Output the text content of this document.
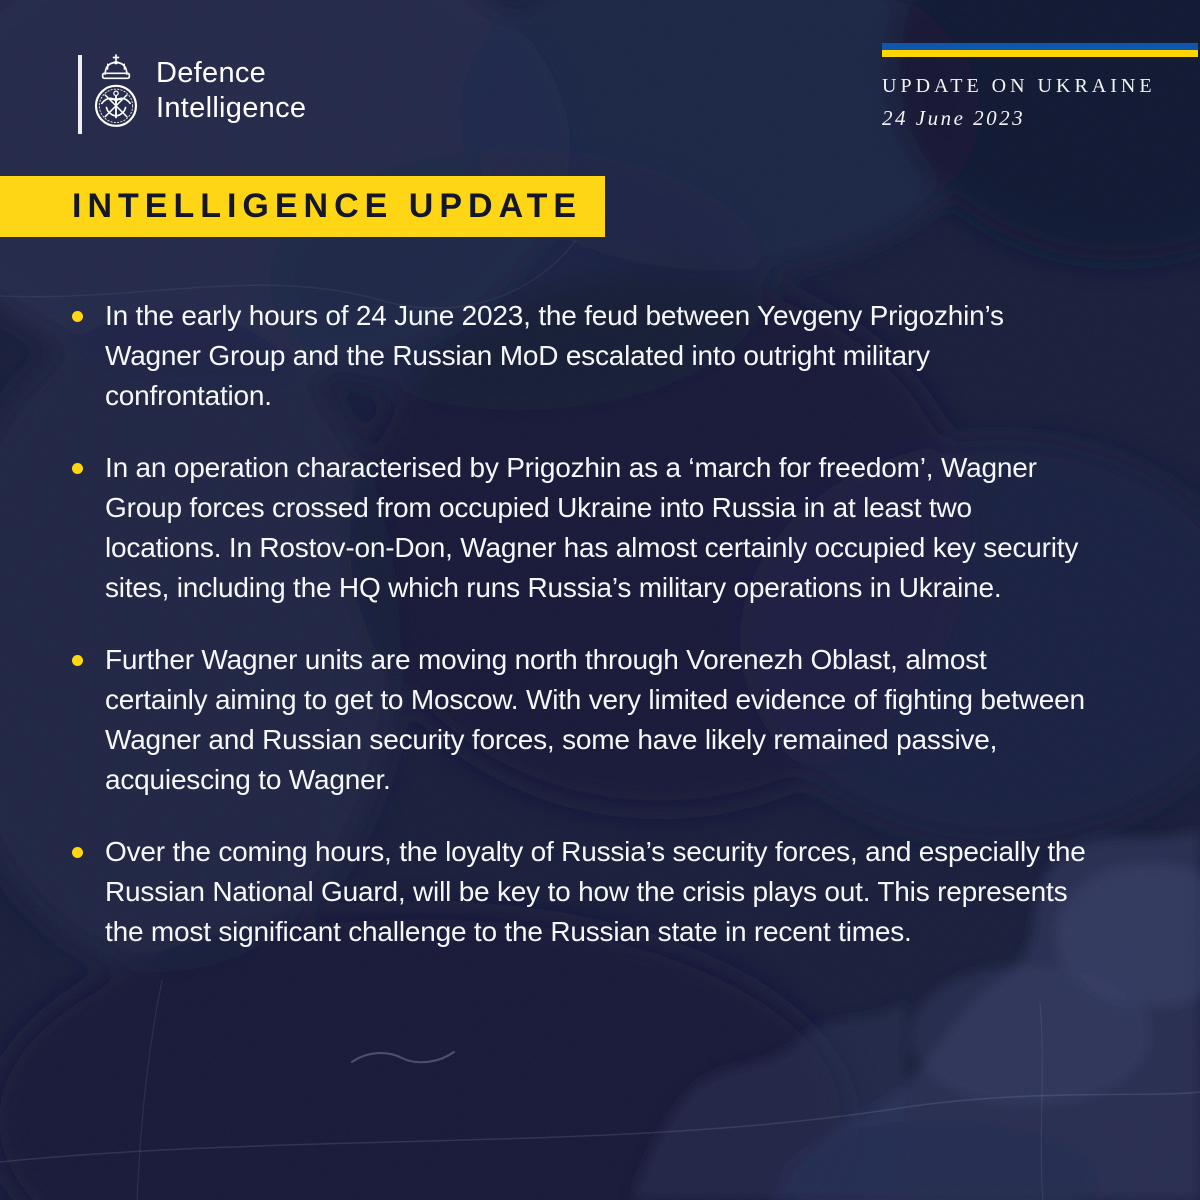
Defence
Intelligence
UPDATE ON UKRAINE
24 June 2023
INTELLIGENCE UPDATE
In the early hours of 24 June 2023, the feud between Yevgeny Prigozhin’s Wagner Group and the Russian MoD escalated into outright military confrontation.
In an operation characterised by Prigozhin as a ‘march for freedom’, Wagner Group forces crossed from occupied Ukraine into Russia in at least two locations. In Rostov-on-Don, Wagner has almost certainly occupied key security sites, including the HQ which runs Russia’s military operations in Ukraine.
Further Wagner units are moving north through Vorenezh Oblast, almost certainly aiming to get to Moscow. With very limited evidence of fighting between Wagner and Russian security forces, some have likely remained passive, acquiescing to Wagner.
Over the coming hours, the loyalty of Russia’s security forces, and especially the Russian National Guard, will be key to how the crisis plays out. This represents the most significant challenge to the Russian state in recent times.
